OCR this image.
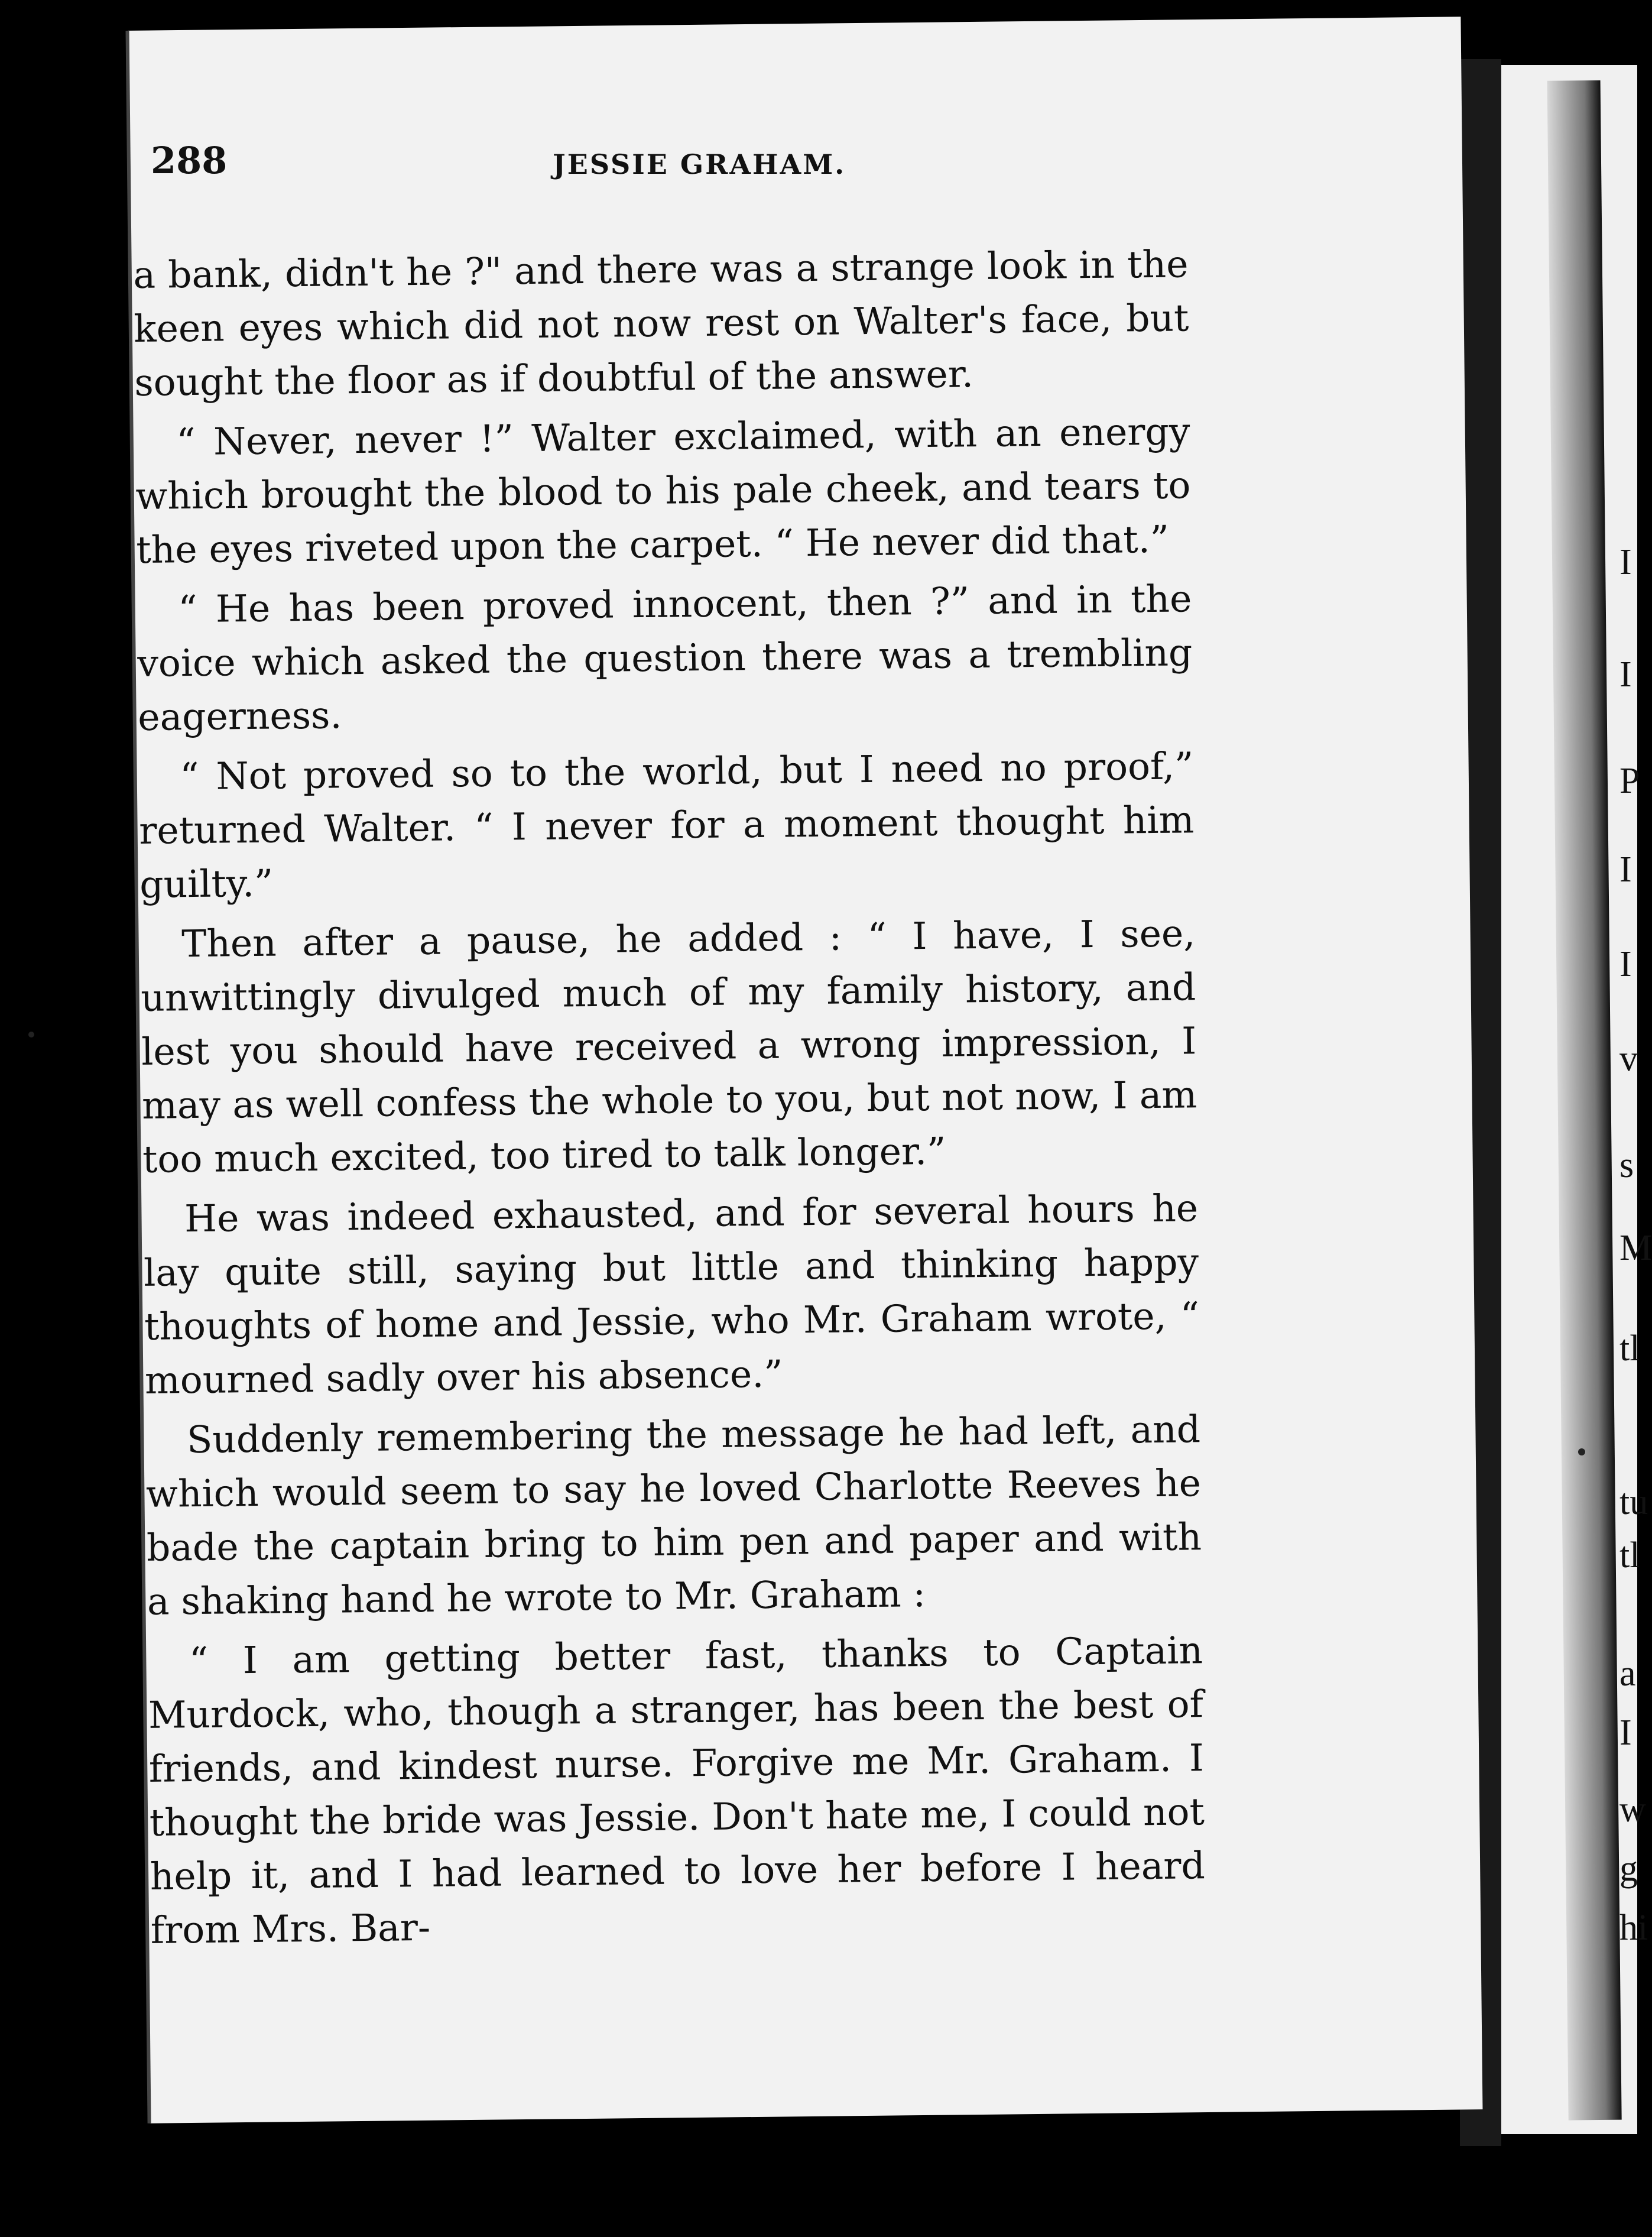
I
I
P
I
I
v
s
M
tl
tu
tl
a
I
w
g
hi
288	JESSIE GRAHAM.

a bank, didn't he ?" and there was a strange look in the keen eyes which did not now rest on Walter's face, but sought the floor as if doubtful of the answer.

“ Never, never !” Walter exclaimed, with an energy which brought the blood to his pale cheek, and tears to the eyes riveted upon the carpet. “ He never did that.”

“ He has been proved innocent, then ?” and in the voice which asked the question there was a trembling eagerness.

“ Not proved so to the world, but I need no proof,” returned Walter. “ I never for a moment thought him guilty.”

Then after a pause, he added : “ I have, I see, unwittingly divulged much of my family history, and lest you should have received a wrong impression, I may as well confess the whole to you, but not now, I am too much excited, too tired to talk longer.”

He was indeed exhausted, and for several hours he lay quite still, saying but little and thinking happy thoughts of home and Jessie, who Mr. Graham wrote, “ mourned sadly over his absence.”

Suddenly remembering the message he had left, and which would seem to say he loved Charlotte Reeves he bade the captain bring to him pen and paper and with a shaking hand he wrote to Mr. Graham :

“ I am getting better fast, thanks to Captain Murdock, who, though a stranger, has been the best of friends, and kindest nurse. Forgive me Mr. Graham. I thought the bride was Jessie. Don't hate me, I could not help it, and I had learned to love her before I heard from Mrs. Bar-
